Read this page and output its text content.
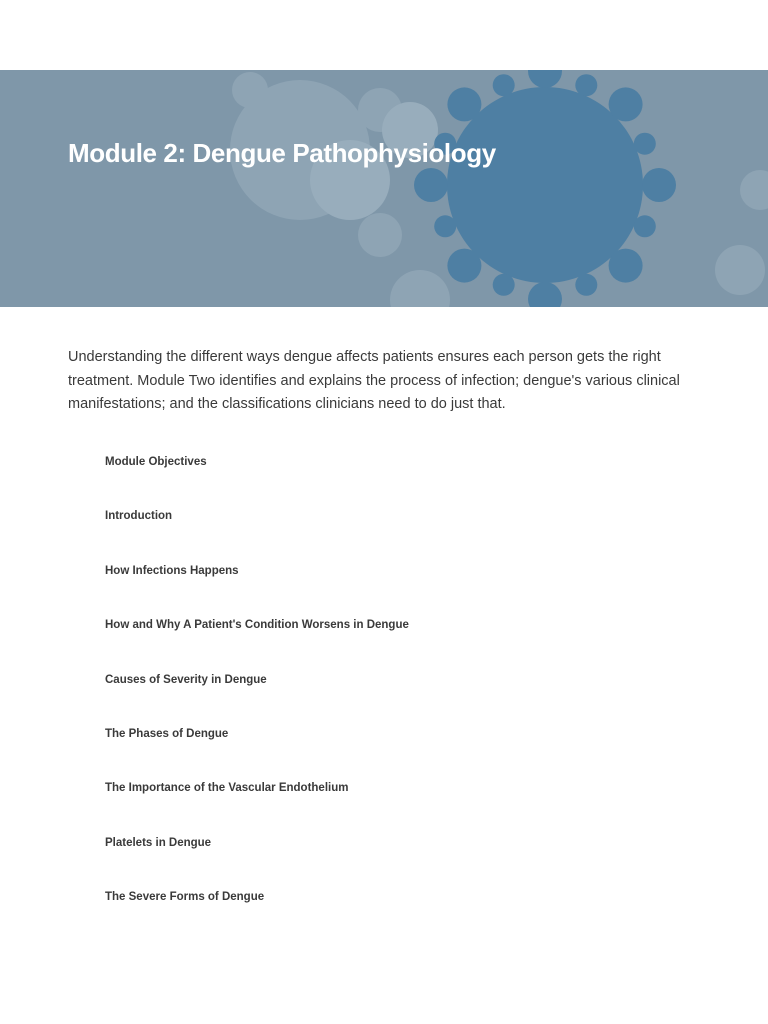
Module 2: Dengue Pathophysiology

Understanding the different ways dengue affects patients ensures each person gets the right treatment. Module Two identifies and explains the process of infection; dengue's various clinical manifestations; and the classifications clinicians need to do just that.

Module Objectives
Introduction
How Infections Happens
How and Why A Patient's Condition Worsens in Dengue
Causes of Severity in Dengue
The Phases of Dengue
The Importance of the Vascular Endothelium
Platelets in Dengue
The Severe Forms of Dengue
